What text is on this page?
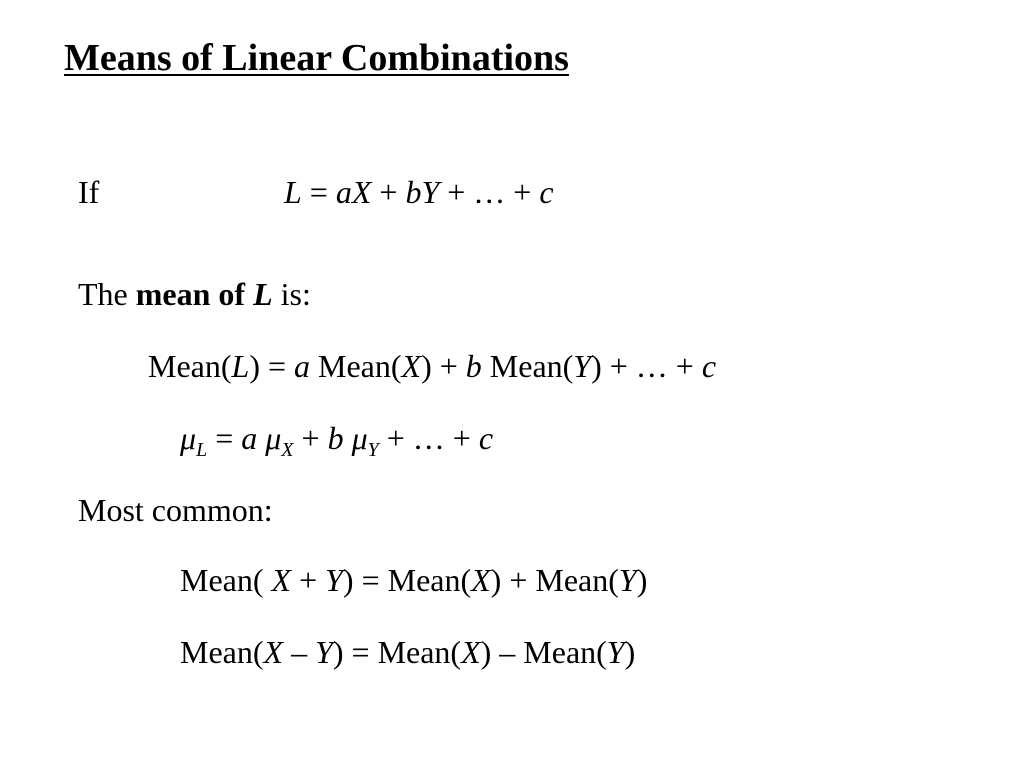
Means of Linear Combinations
If	L = aX + bY + … + c
The mean of L is:
Mean(L) = a Mean(X) + b Mean(Y) + … + c
$\mu_L = a$ $\mu_X + b$ $\mu_Y$ + … + c
Most common:
Mean( X + Y) = Mean(X) + Mean(Y)
Mean(X – Y) = Mean(X) – Mean(Y)
